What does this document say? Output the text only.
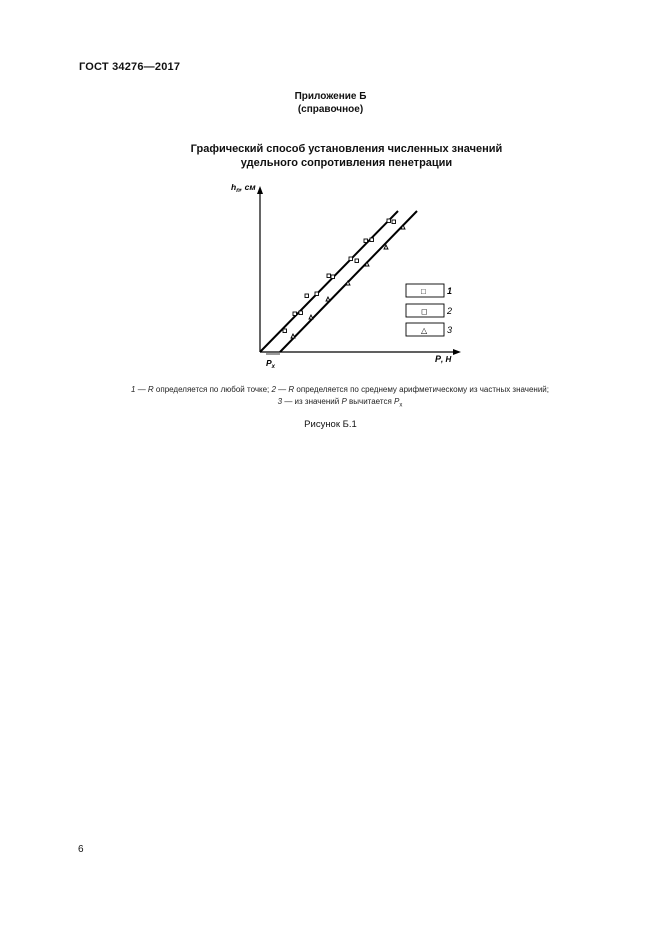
ГОСТ 34276—2017
Приложение Б
(справочное)
Графический способ установления численных значений
удельного сопротивления пенетрации
$h_n$, см
P, Н
$P_x$
□ 1
◻ 2
△ 3
1 — R определяется по любой точке; 2 — R определяется по среднему арифметическому из частных значений;
3 — из значений P вычитается $P_x$
Рисунок Б.1
6
